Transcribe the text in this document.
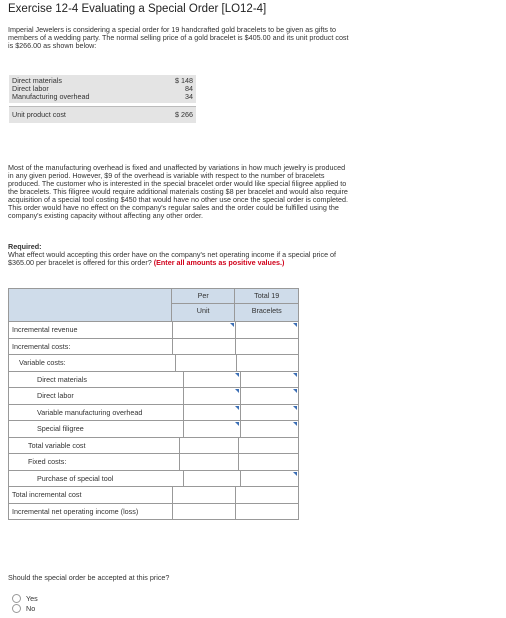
Exercise 12-4 Evaluating a Special Order [LO12-4]
Imperial Jewelers is considering a special order for 19 handcrafted gold bracelets to be given as gifts to
members of a wedding party. The normal selling price of a gold bracelet is $405.00 and its unit product cost
is $266.00 as shown below:
Direct materials	$ 148
Direct labor	84
Manufacturing overhead	34
Unit product cost	$ 266
Most of the manufacturing overhead is fixed and unaffected by variations in how much jewelry is produced
in any given period. However, $9 of the overhead is variable with respect to the number of bracelets
produced. The customer who is interested in the special bracelet order would like special filigree applied to
the bracelets. This filigree would require additional materials costing $8 per bracelet and would also require
acquisition of a special tool costing $450 that would have no other use once the special order is completed.
This order would have no effect on the company's regular sales and the order could be fulfilled using the
company's existing capacity without affecting any other order.
Required:
What effect would accepting this order have on the company's net operating income if a special price of
$365.00 per bracelet is offered for this order? (Enter all amounts as positive values.)
Per
Unit
Total 19
Bracelets
Incremental revenue
Incremental costs:
Variable costs:
Direct materials
Direct labor
Variable manufacturing overhead
Special filigree
Total variable cost
Fixed costs:
Purchase of special tool
Total incremental cost
Incremental net operating income (loss)
Should the special order be accepted at this price?
Yes
No
